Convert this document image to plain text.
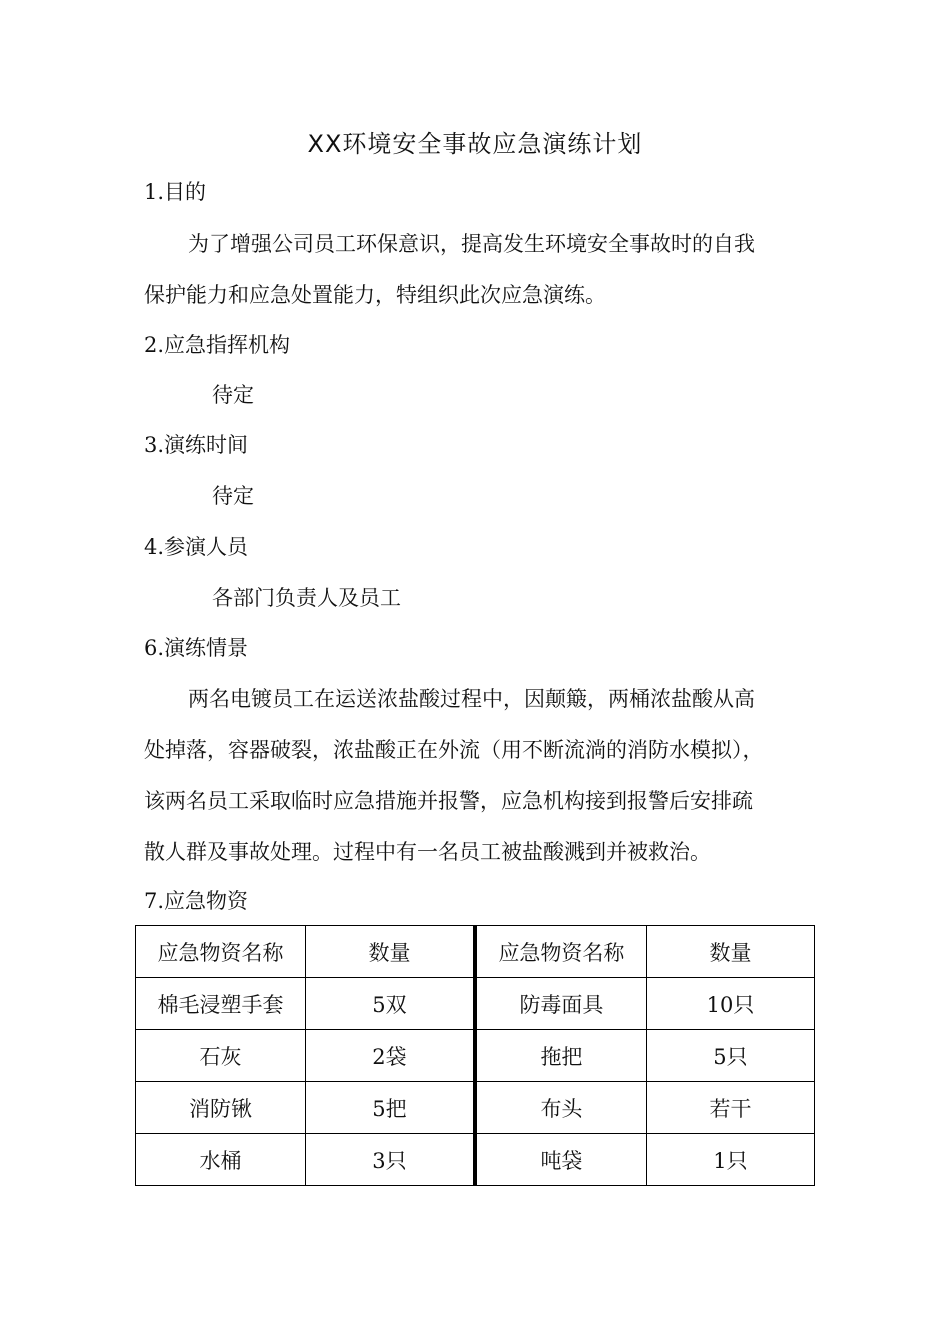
XX环境安全事故应急演练计划
1.目的
为了增强公司员工环保意识，提高发生环境安全事故时的自我
保护能力和应急处置能力，特组织此次应急演练。
2.应急指挥机构
待定
3.演练时间
待定
4.参演人员
各部门负责人及员工
6.演练情景
两名电镀员工在运送浓盐酸过程中，因颠簸，两桶浓盐酸从高
处掉落，容器破裂，浓盐酸正在外流（用不断流淌的消防水模拟），
该两名员工采取临时应急措施并报警，应急机构接到报警后安排疏
散人群及事故处理。过程中有一名员工被盐酸溅到并被救治。
7.应急物资
应急物资名称	数量	应急物资名称	数量
棉毛浸塑手套	5双	防毒面具	10只
石灰	2袋	拖把	5只
消防锹	5把	布头	若干
水桶	3只	吨袋	1只
